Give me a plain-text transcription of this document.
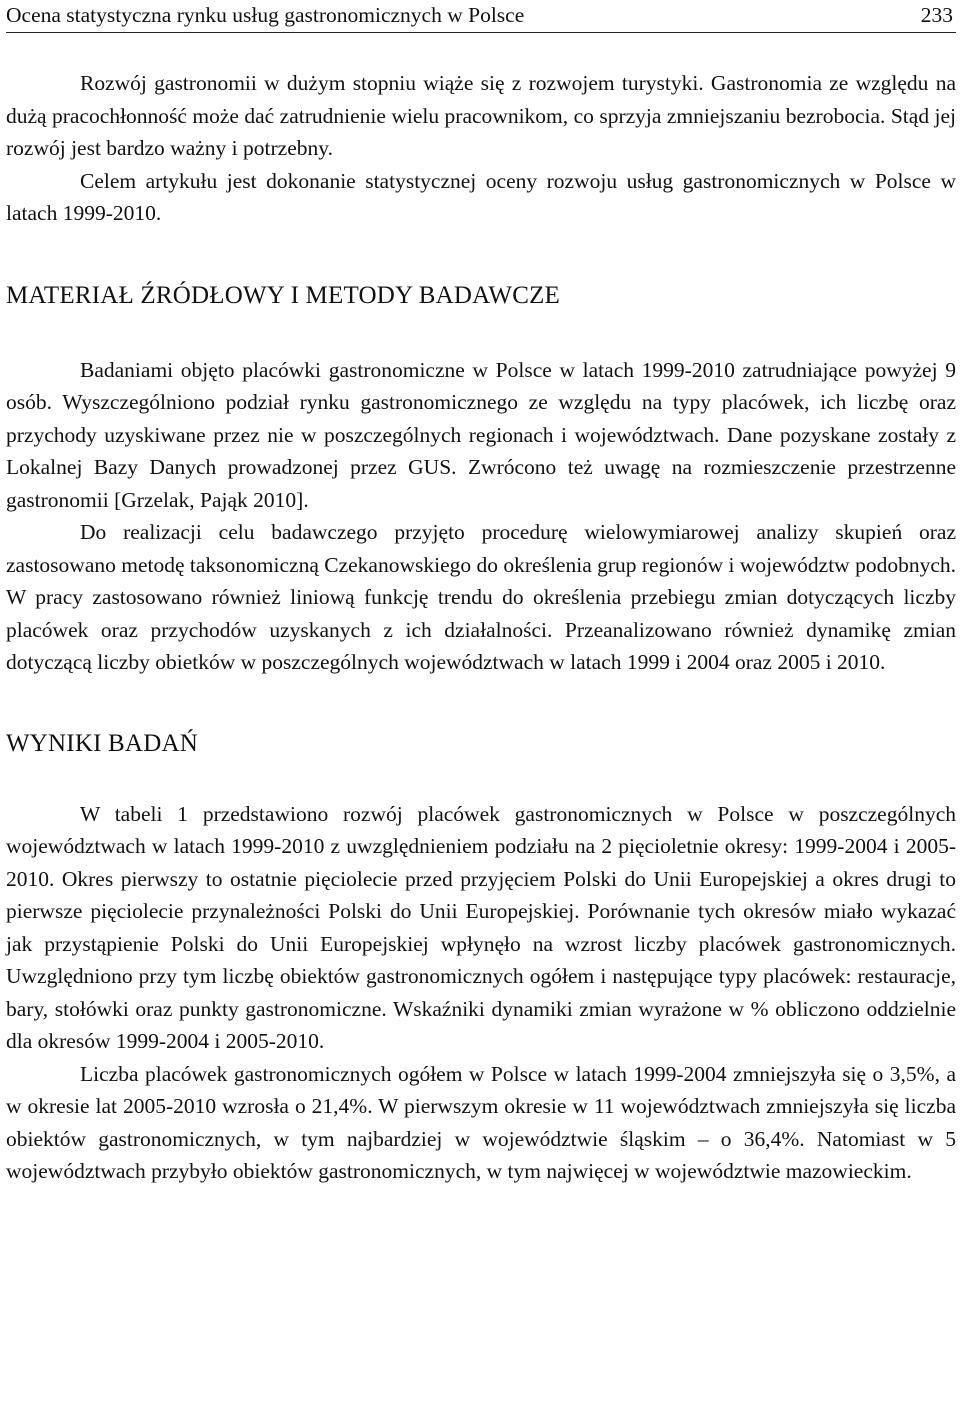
Ocena statystyczna rynku usług gastronomicznych w Polsce	233

Rozwój gastronomii w dużym stopniu wiąże się z rozwojem turystyki. Gastronomia ze względu na dużą pracochłonność może dać zatrudnienie wielu pracownikom, co sprzyja zmniejszaniu bezrobocia. Stąd jej rozwój jest bardzo ważny i potrzebny.

Celem artykułu jest dokonanie statystycznej oceny rozwoju usług gastronomicznych w Polsce w latach 1999-2010.

MATERIAŁ ŹRÓDŁOWY I METODY BADAWCZE

Badaniami objęto placówki gastronomiczne w Polsce w latach 1999-2010 zatrudniające powyżej 9 osób. Wyszczególniono podział rynku gastronomicznego ze względu na typy placówek, ich liczbę oraz przychody uzyskiwane przez nie w poszczególnych regionach i województwach. Dane pozyskane zostały z Lokalnej Bazy Danych prowadzonej przez GUS. Zwrócono też uwagę na rozmieszczenie przestrzenne gastronomii [Grzelak, Pająk 2010].

Do realizacji celu badawczego przyjęto procedurę wielowymiarowej analizy skupień oraz zastosowano metodę taksonomiczną Czekanowskiego do określenia grup regionów i województw podobnych. W pracy zastosowano również liniową funkcję trendu do określenia przebiegu zmian dotyczących liczby placówek oraz przychodów uzyskanych z ich działalności. Przeanalizowano również dynamikę zmian dotyczącą liczby obietków w poszczególnych województwach w latach 1999 i 2004 oraz 2005 i 2010.

WYNIKI BADAŃ

W tabeli 1 przedstawiono rozwój placówek gastronomicznych w Polsce w poszczególnych województwach w latach 1999-2010 z uwzględnieniem podziału na 2 pięcioletnie okresy: 1999-2004 i 2005-2010. Okres pierwszy to ostatnie pięciolecie przed przyjęciem Polski do Unii Europejskiej a okres drugi to pierwsze pięciolecie przynależności Polski do Unii Europejskiej. Porównanie tych okresów miało wykazać jak przystąpienie Polski do Unii Europejskiej wpłynęło na wzrost liczby placówek gastronomicznych. Uwzględniono przy tym liczbę obiektów gastronomicznych ogółem i następujące typy placówek: restauracje, bary, stołówki oraz punkty gastronomiczne. Wskaźniki dynamiki zmian wyrażone w % obliczono oddzielnie dla okresów 1999-2004 i 2005-2010.

Liczba placówek gastronomicznych ogółem w Polsce w latach 1999-2004 zmniejszyła się o 3,5%, a w okresie lat 2005-2010 wzrosła o 21,4%. W pierwszym okresie w 11 województwach zmniejszyła się liczba obiektów gastronomicznych, w tym najbardziej w województwie śląskim – o 36,4%. Natomiast w 5 województwach przybyło obiektów gastronomicznych, w tym najwięcej w województwie mazowieckim.
